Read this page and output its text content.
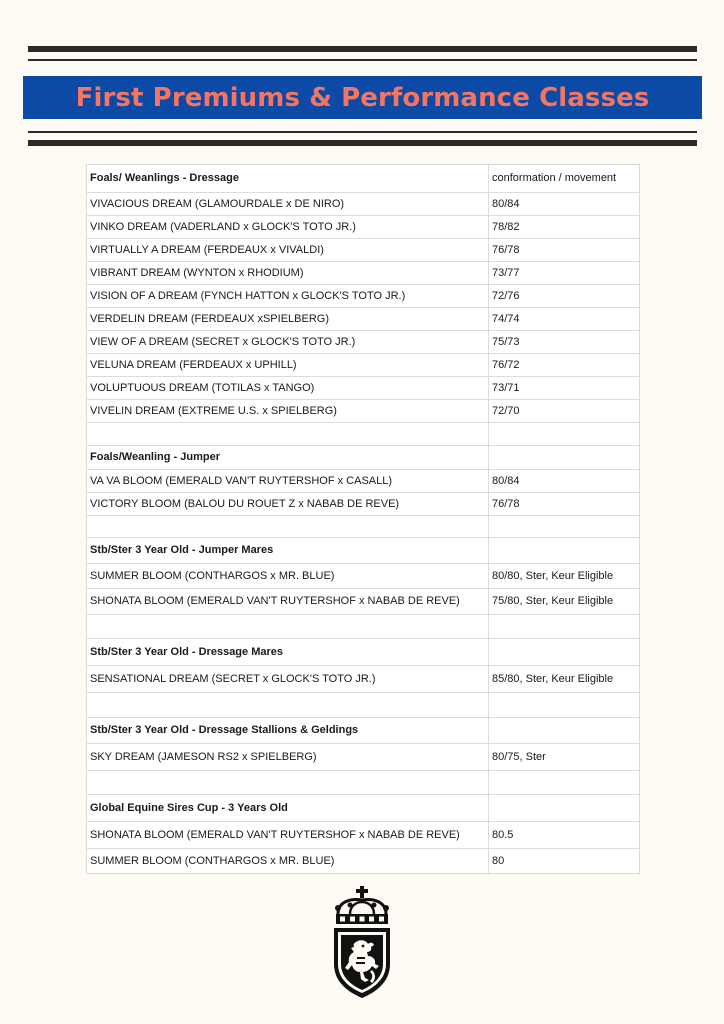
First Premiums & Performance Classes
Foals/ Weanlings - Dressage	conformation / movement
VIVACIOUS DREAM (GLAMOURDALE x DE NIRO)	80/84
VINKO DREAM (VADERLAND x GLOCK'S TOTO JR.)	78/82
VIRTUALLY A DREAM (FERDEAUX x VIVALDI)	76/78
VIBRANT DREAM (WYNTON x RHODIUM)	73/77
VISION OF A DREAM (FYNCH HATTON x GLOCK'S TOTO JR.)	72/76
VERDELIN DREAM (FERDEAUX xSPIELBERG)	74/74
VIEW OF A DREAM (SECRET x GLOCK'S TOTO JR.)	75/73
VELUNA DREAM (FERDEAUX x UPHILL)	76/72
VOLUPTUOUS DREAM (TOTILAS x TANGO)	73/71
VIVELIN DREAM (EXTREME U.S. x SPIELBERG)	72/70

Foals/Weanling - Jumper	
VA VA BLOOM (EMERALD VAN'T RUYTERSHOF x CASALL)	80/84
VICTORY BLOOM (BALOU DU ROUET Z x NABAB DE REVE)	76/78

Stb/Ster 3 Year Old - Jumper Mares	
SUMMER BLOOM (CONTHARGOS x MR. BLUE)	80/80, Ster, Keur Eligible
SHONATA BLOOM (EMERALD VAN'T RUYTERSHOF x NABAB DE REVE)	75/80, Ster, Keur Eligible

Stb/Ster 3 Year Old - Dressage Mares	
SENSATIONAL DREAM (SECRET x GLOCK'S TOTO JR.)	85/80, Ster, Keur Eligible

Stb/Ster 3 Year Old - Dressage Stallions & Geldings	
SKY DREAM (JAMESON RS2 x SPIELBERG)	80/75, Ster

Global Equine Sires Cup - 3 Years Old	
SHONATA BLOOM (EMERALD VAN'T RUYTERSHOF x NABAB DE REVE)	80.5
SUMMER BLOOM (CONTHARGOS x MR. BLUE)	80
